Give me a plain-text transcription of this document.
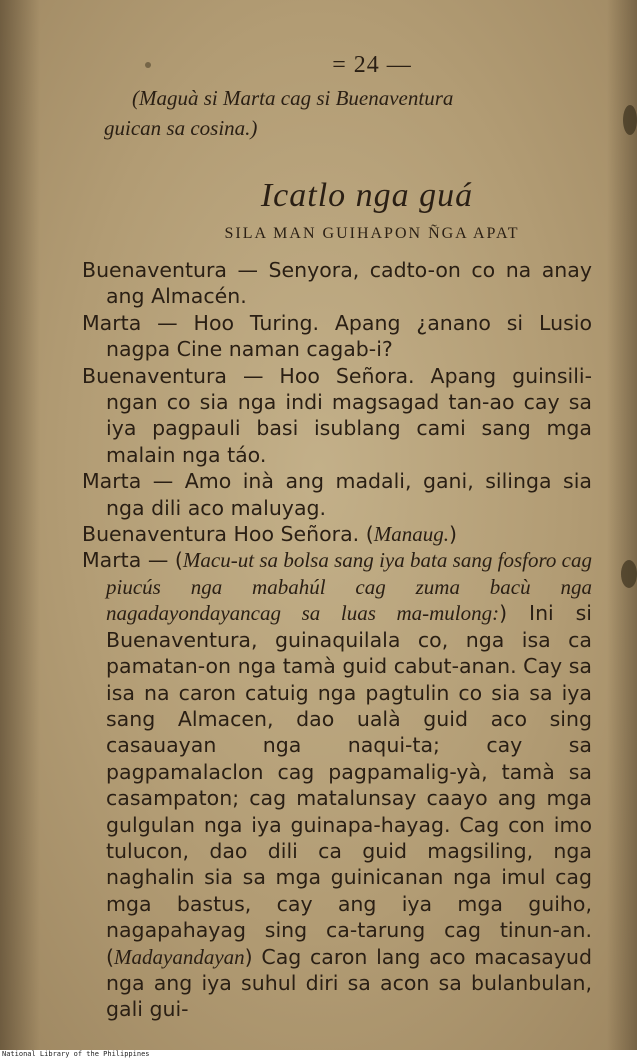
= 24 —

(Maguà si Marta cag si Buenaventura
guican sa cosina.)

Icatlo nga guá
SILA MAN GUIHAPON ÑGA APAT
Buenaventura — Senyora, cadto-on co na anay ang Almacén.
Marta — Hoo Turing. Apang ¿anano si Lusio nagpa Cine naman cagab-i?
Buenaventura — Hoo Señora. Apang guinsili-ngan co sia nga indi magsagad tan-ao cay sa iya pagpauli basi isublang cami sang mga malain nga táo.
Marta — Amo inà ang madali, gani, silinga sia nga dili aco maluyag.
Buenaventura Hoo Señora. (Manaug.)
Marta — (Macu-ut sa bolsa sang iya bata sang fosforo cag piucús nga mabahúl cag zuma bacù nga nagadayondayancag sa luas ma-mulong:) Ini si Buenaventura, guinaquilala co, nga isa ca pamatan-on nga tamà guid cabut-anan. Cay sa isa na caron catuig nga pagtulin co sia sa iya sang Almacen, dao ualà guid aco sing casauayan nga naqui-ta; cay sa pagpamalaclon cag pagpamalig-yà, tamà sa casampaton; cag matalunsay caayo ang mga gulgulan nga iya guinapa-hayag. Cag con imo tulucon, dao dili ca guid magsiling, nga naghalin sia sa mga guinicanan nga imul cag mga bastus, cay ang iya mga guiho, nagapahayag sing ca-tarung cag tinun-an. (Madayandayan) Cag caron lang aco macasayud nga ang iya suhul diri sa acon sa bulanbulan, gali gui-
National Library of the Philippines
